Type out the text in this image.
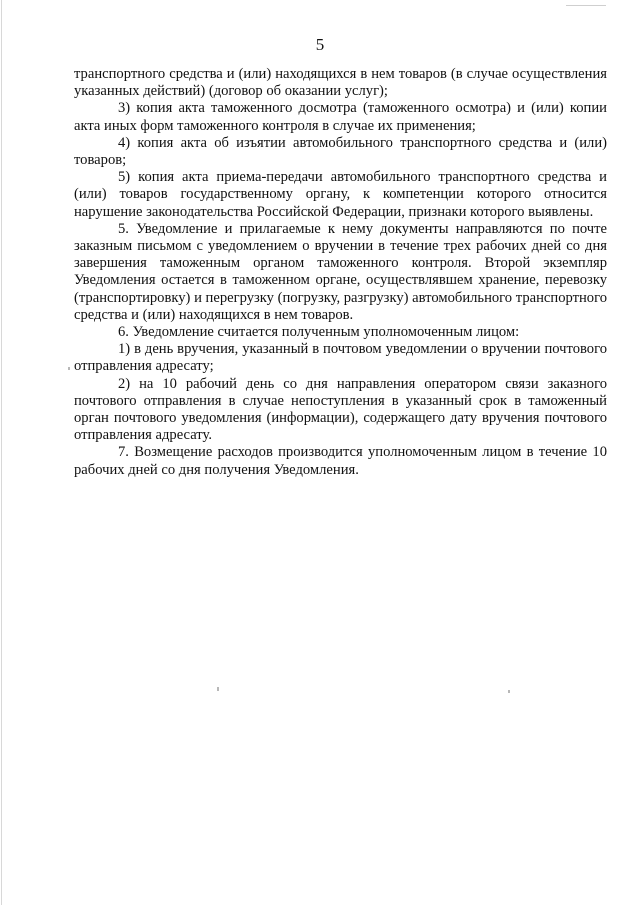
5

транспортного средства и (или) находящихся в нем товаров (в случае осуществления указанных действий) (договор об оказании услуг);

3) копия акта таможенного досмотра (таможенного осмотра) и (или) копии акта иных форм таможенного контроля в случае их применения;

4) копия акта об изъятии автомобильного транспортного средства и (или) товаров;

5) копия акта приема-передачи автомобильного транспортного средства и (или) товаров государственному органу, к компетенции которого относится нарушение законодательства Российской Федерации, признаки которого выявлены.

5. Уведомление и прилагаемые к нему документы направляются по почте заказным письмом с уведомлением о вручении в течение трех рабочих дней со дня завершения таможенным органом таможенного контроля. Второй экземпляр Уведомления остается в таможенном органе, осуществлявшем хранение, перевозку (транспортировку) и перегрузку (погрузку, разгрузку) автомобильного транспортного средства и (или) находящихся в нем товаров.

6. Уведомление считается полученным уполномоченным лицом:

1) в день вручения, указанный в почтовом уведомлении о вручении почтового отправления адресату;

2) на 10 рабочий день со дня направления оператором связи заказного почтового отправления в случае непоступления в указанный срок в таможенный орган почтового уведомления (информации), содержащего дату вручения почтового отправления адресату.

7. Возмещение расходов производится уполномоченным лицом в течение 10 рабочих дней со дня получения Уведомления.
